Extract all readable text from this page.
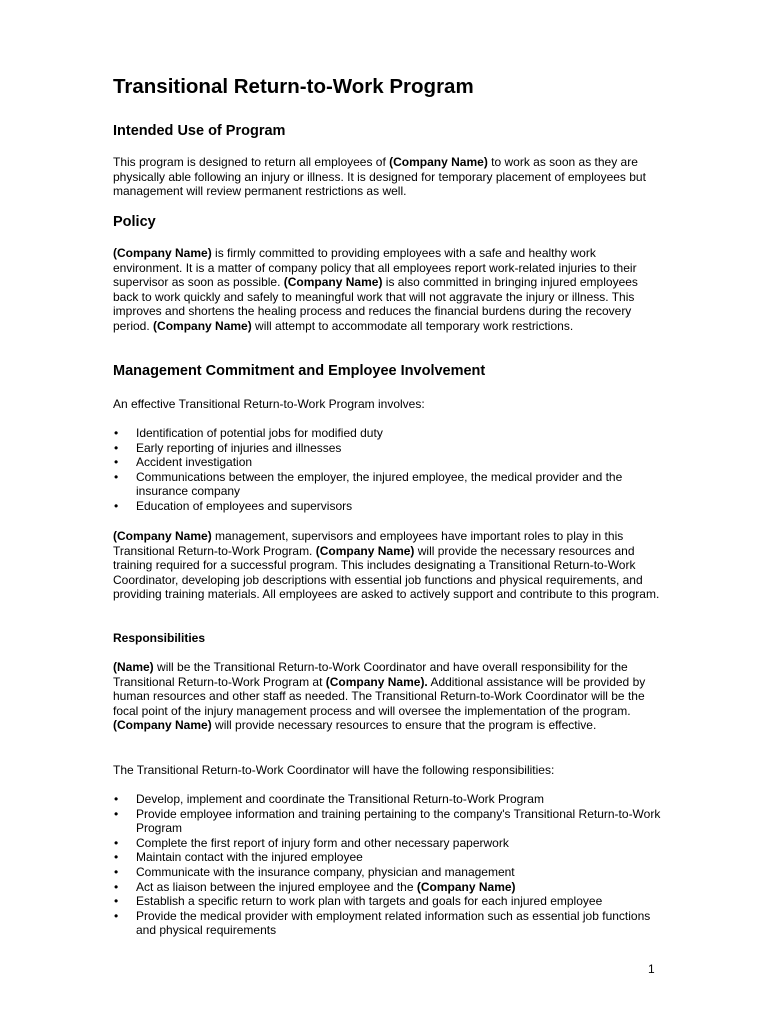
Transitional Return-to-Work Program
Intended Use of Program

This program is designed to return all employees of (Company Name) to work as soon as they are physically able following an injury or illness. It is designed for temporary placement of employees but management will review permanent restrictions as well.

Policy

(Company Name) is firmly committed to providing employees with a safe and healthy work environment. It is a matter of company policy that all employees report work-related injuries to their supervisor as soon as possible. (Company Name) is also committed in bringing injured employees back to work quickly and safely to meaningful work that will not aggravate the injury or illness. This improves and shortens the healing process and reduces the financial burdens during the recovery period. (Company Name) will attempt to accommodate all temporary work restrictions.

Management Commitment and Employee Involvement

An effective Transitional Return-to-Work Program involves:

• Identification of potential jobs for modified duty
• Early reporting of injuries and illnesses
• Accident investigation
• Communications between the employer, the injured employee, the medical provider and the insurance company
• Education of employees and supervisors

(Company Name) management, supervisors and employees have important roles to play in this Transitional Return-to-Work Program. (Company Name) will provide the necessary resources and training required for a successful program. This includes designating a Transitional Return-to-Work Coordinator, developing job descriptions with essential job functions and physical requirements, and providing training materials. All employees are asked to actively support and contribute to this program.

Responsibilities

(Name) will be the Transitional Return-to-Work Coordinator and have overall responsibility for the Transitional Return-to-Work Program at (Company Name). Additional assistance will be provided by human resources and other staff as needed. The Transitional Return-to-Work Coordinator will be the focal point of the injury management process and will oversee the implementation of the program. (Company Name) will provide necessary resources to ensure that the program is effective.

The Transitional Return-to-Work Coordinator will have the following responsibilities:

• Develop, implement and coordinate the Transitional Return-to-Work Program
• Provide employee information and training pertaining to the company's Transitional Return-to-Work Program
• Complete the first report of injury form and other necessary paperwork
• Maintain contact with the injured employee
• Communicate with the insurance company, physician and management
• Act as liaison between the injured employee and the (Company Name)
• Establish a specific return to work plan with targets and goals for each injured employee
• Provide the medical provider with employment related information such as essential job functions and physical requirements
1
